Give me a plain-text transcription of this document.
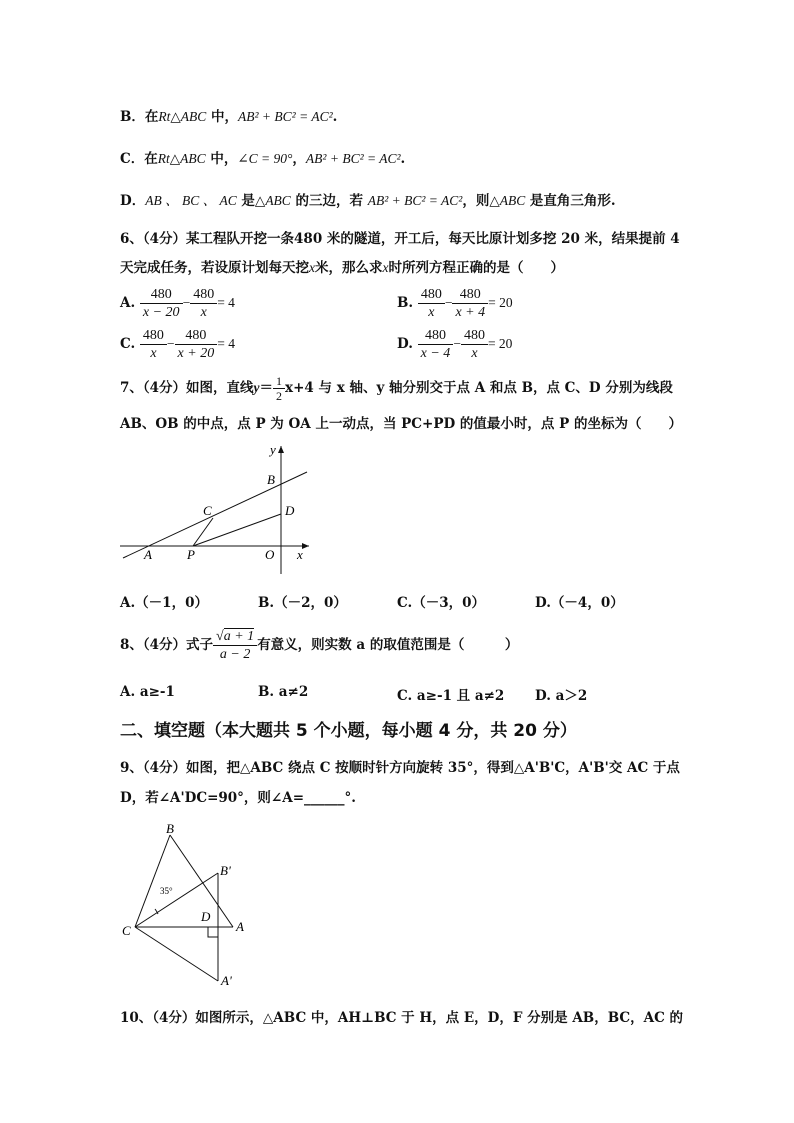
B．在Rt△ABC 中，AB² + BC² = AC².
C．在Rt△ABC 中，∠C = 90°，AB² + BC² = AC².
D．AB 、 BC 、 AC 是△ABC 的三边，若 AB² + BC² = AC²，则△ABC 是直角三角形.
6、（4分）某工程队开挖一条480 米的隧道，开工后，每天比原计划多挖 20 米，结果提前 4
天完成任务，若设原计划每天挖x米，那么求x时所列方程正确的是（　　）
A. $\frac{480}{x - 20} - \frac{480}{x} = 4$	B. $\frac{480}{x} - \frac{480}{x + 4} = 20$
C. $\frac{480}{x} - \frac{480}{x + 20} = 4$	D. $\frac{480}{x - 4} - \frac{480}{x} = 20$
7、（4分）如图，直线$y= \frac{1}{2} x+4$ 与 x 轴、y 轴分别交于点 A 和点 B，点 C、D 分别为线段
AB、OB 的中点，点 P 为 OA 上一动点，当 PC+PD 的值最小时，点 P 的坐标为（　　）
y
B
C	D
A	P	O x
A.（－1，0）	B.（－2，0）	C.（－3，0）	D.（－4，0）
8、（4分）式子 $\frac{√a + 1}{a - 2}$ 有意义，则实数 a 的取值范围是（　　　）
A. a≥-1	B. a≠2	C. a≥-1 且 a≠2 D. a＞2
二、填空题（本大题共 5 个小题，每小题 4 分，共 20 分）
9、（4分）如图，把△ABC 绕点 C 按顺时针方向旋转 35°，得到△A'B'C，A'B'交 AC 于点
D，若∠A'DC=90°，则∠A=______°.
B
B'
35°
D
C	A
A'
10、（4分）如图所示，△ABC 中，AH⊥BC 于 H，点 E，D，F 分别是 AB，BC，AC 的
